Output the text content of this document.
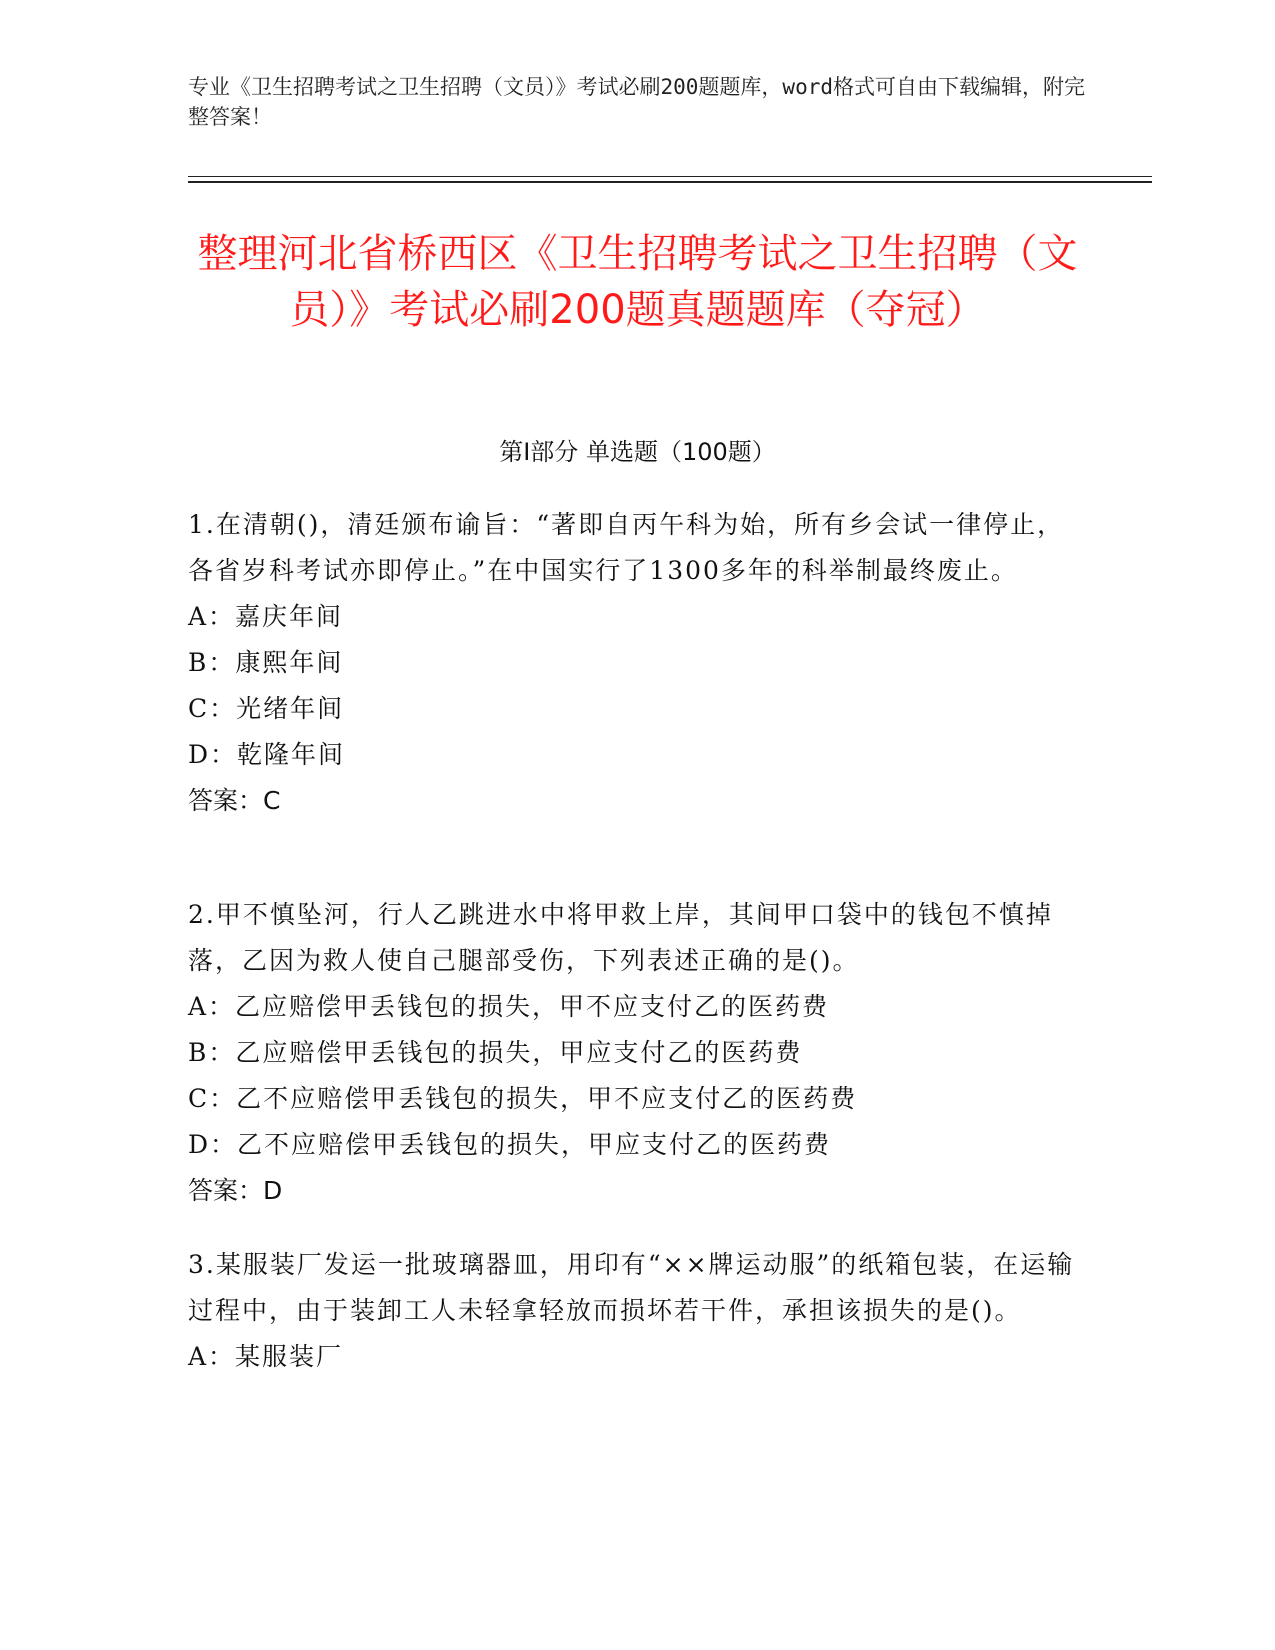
专业《卫生招聘考试之卫生招聘（文员）》考试必刷200题题库，word格式可自由下载编辑，附完整答案！
整理河北省桥西区《卫生招聘考试之卫生招聘（文员）》考试必刷200题真题题库（夺冠）
第I部分 单选题（100题）

1.在清朝()，清廷颁布谕旨：“著即自丙午科为始，所有乡会试一律停止，各省岁科考试亦即停止。”在中国实行了1300多年的科举制最终废止。

A：嘉庆年间

B：康熙年间

C：光绪年间

D：乾隆年间

答案：C

2.甲不慎坠河，行人乙跳进水中将甲救上岸，其间甲口袋中的钱包不慎掉落，乙因为救人使自己腿部受伤，下列表述正确的是()。

A：乙应赔偿甲丢钱包的损失，甲不应支付乙的医药费

B：乙应赔偿甲丢钱包的损失，甲应支付乙的医药费

C：乙不应赔偿甲丢钱包的损失，甲不应支付乙的医药费

D：乙不应赔偿甲丢钱包的损失，甲应支付乙的医药费

答案：D

3.某服装厂发运一批玻璃器皿，用印有“××牌运动服”的纸箱包装，在运输过程中，由于装卸工人未轻拿轻放而损坏若干件，承担该损失的是()。

A：某服装厂
